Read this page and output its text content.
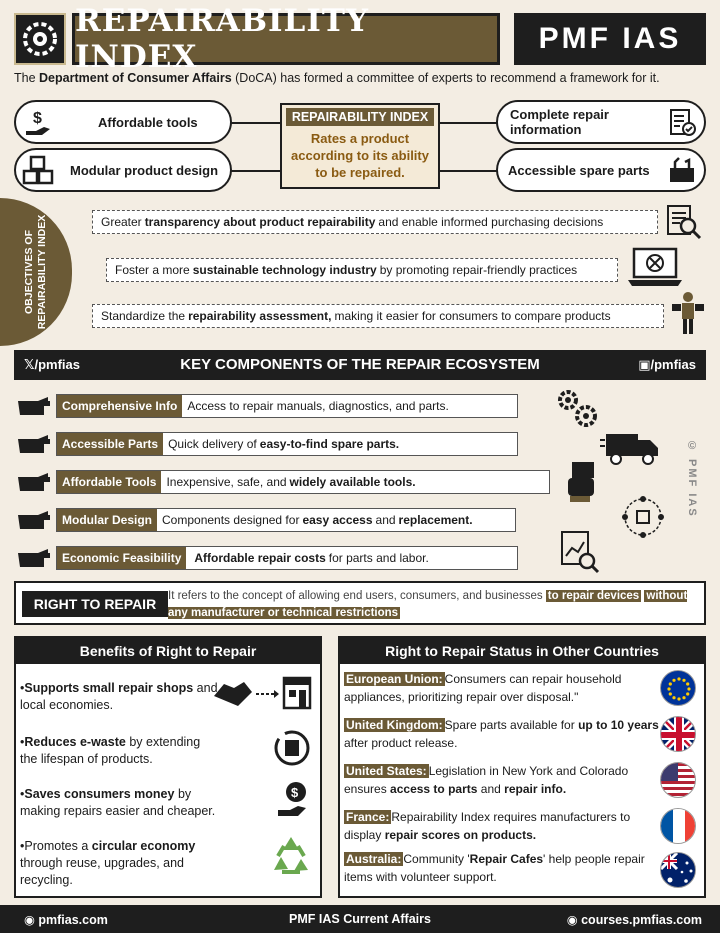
REPAIRABILITY INDEX
PMF IAS
The Department of Consumer Affairs (DoCA) has formed a committee of experts to recommend a framework for it.
$	Affordable tools
Modular product design
REPAIRABILITY INDEX
Rates a product
according to its ability
to be repaired.
Complete repair
information
Accessible spare parts
OBJECTIVES OF REPAIRABILITY INDEX	Greater transparency about product repairability and enable informed purchasing decisions
Foster a more sustainable technology industry by promoting repair-friendly practices
Standardize the repairability assessment, making it easier for consumers to compare products
𝕏/pmfias	KEY COMPONENTS OF THE REPAIR ECOSYSTEM	▣/pmfias
© PMF IAS
Comprehensive Info Access to repair manuals, diagnostics, and parts.
Accessible Parts Quick delivery of easy-to-find spare parts.
Affordable Tools Inexpensive, safe, and widely available tools.
Modular Design Components designed for easy access and replacement.
Economic Feasibility	Affordable repair costs for parts and labor.
RIGHT TO REPAIR	It refers to the concept of allowing end users, consumers, and businesses to repair devices without any manufacturer or technical restrictions
Benefits of Right to Repair
•Supports small repair shops and local economies.
•Reduces e-waste by extending the lifespan of products.
•Saves consumers money by making repairs easier and cheaper.
$
•Promotes a circular economy through reuse, upgrades, and recycling.
Right to Repair Status in Other Countries
European Union: Consumers can repair household appliances, prioritizing repair over disposal."
United Kingdom: Spare parts available for up to 10 years after product release.
United States: Legislation in New York and Colorado ensures access to parts and repair info.
France: Repairability Index requires manufacturers to display repair scores on products.
Australia: Community 'Repair Cafes' help people repair items with volunteer support.
◉ pmfias.com	PMF IAS Current Affairs	◉ courses.pmfias.com
